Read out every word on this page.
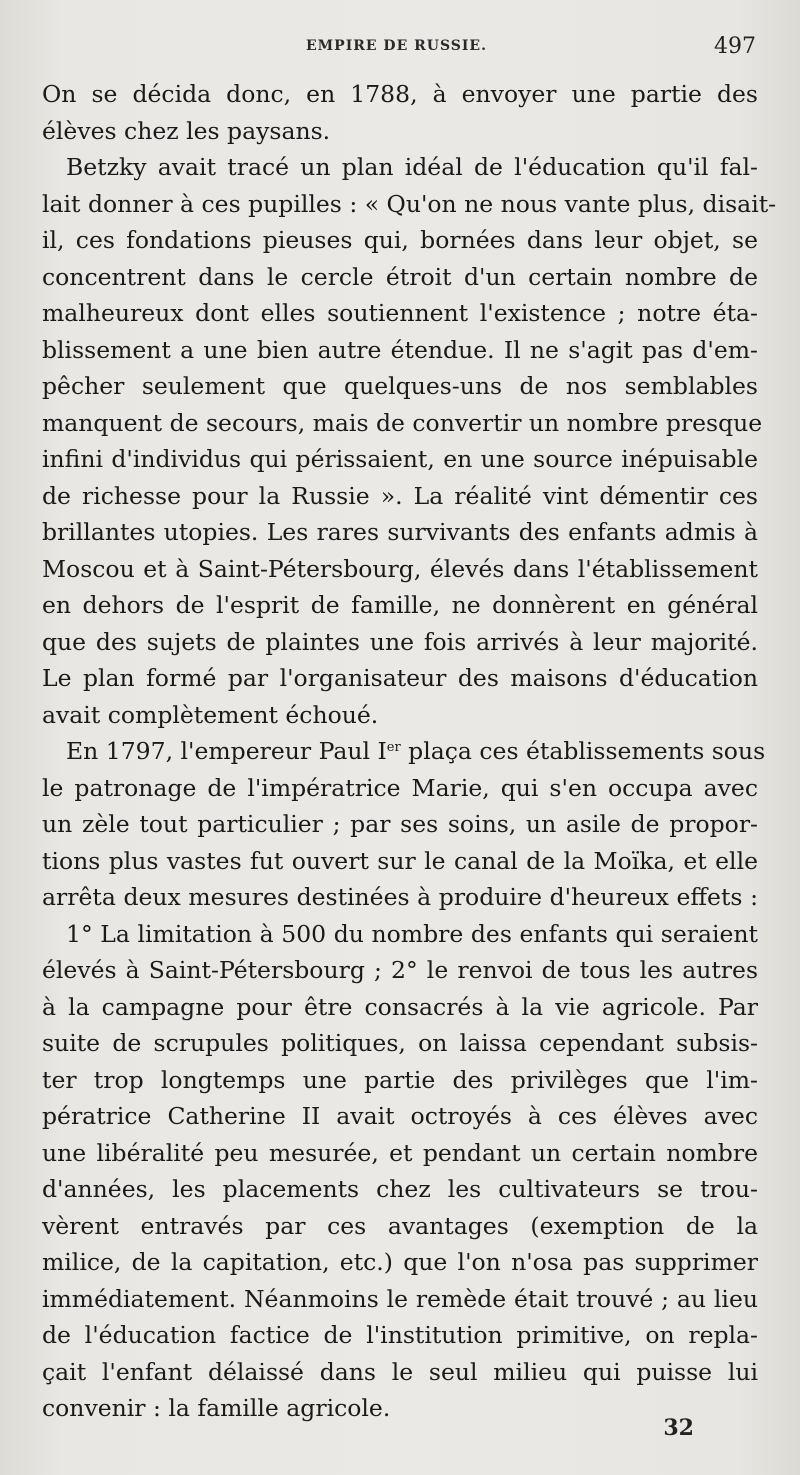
EMPIRE DE RUSSIE.	497
On se décida donc, en 1788, à envoyer une partie des
élèves chez les paysans.
Betzky avait tracé un plan idéal de l'éducation qu'il fal-
lait donner à ces pupilles : « Qu'on ne nous vante plus, disait-
il, ces fondations pieuses qui, bornées dans leur objet, se
concentrent dans le cercle étroit d'un certain nombre de
malheureux dont elles soutiennent l'existence ; notre éta-
blissement a une bien autre étendue. Il ne s'agit pas d'em-
pêcher seulement que quelques-uns de nos semblables
manquent de secours, mais de convertir un nombre presque
infini d'individus qui périssaient, en une source inépuisable
de richesse pour la Russie ». La réalité vint démentir ces
brillantes utopies. Les rares survivants des enfants admis à
Moscou et à Saint-Pétersbourg, élevés dans l'établissement
en dehors de l'esprit de famille, ne donnèrent en général
que des sujets de plaintes une fois arrivés à leur majorité.
Le plan formé par l'organisateur des maisons d'éducation
avait complètement échoué.
En 1797, l'empereur Paul Ier plaça ces établissements sous
le patronage de l'impératrice Marie, qui s'en occupa avec
un zèle tout particulier ; par ses soins, un asile de propor-
tions plus vastes fut ouvert sur le canal de la Moïka, et elle
arrêta deux mesures destinées à produire d'heureux effets :
1° La limitation à 500 du nombre des enfants qui seraient
élevés à Saint-Pétersbourg ; 2° le renvoi de tous les autres
à la campagne pour être consacrés à la vie agricole. Par
suite de scrupules politiques, on laissa cependant subsis-
ter trop longtemps une partie des privilèges que l'im-
pératrice Catherine II avait octroyés à ces élèves avec
une libéralité peu mesurée, et pendant un certain nombre
d'années, les placements chez les cultivateurs se trou-
vèrent entravés par ces avantages (exemption de la
milice, de la capitation, etc.) que l'on n'osa pas supprimer
immédiatement. Néanmoins le remède était trouvé ; au lieu
de l'éducation factice de l'institution primitive, on repla-
çait l'enfant délaissé dans le seul milieu qui puisse lui
convenir : la famille agricole.
32
